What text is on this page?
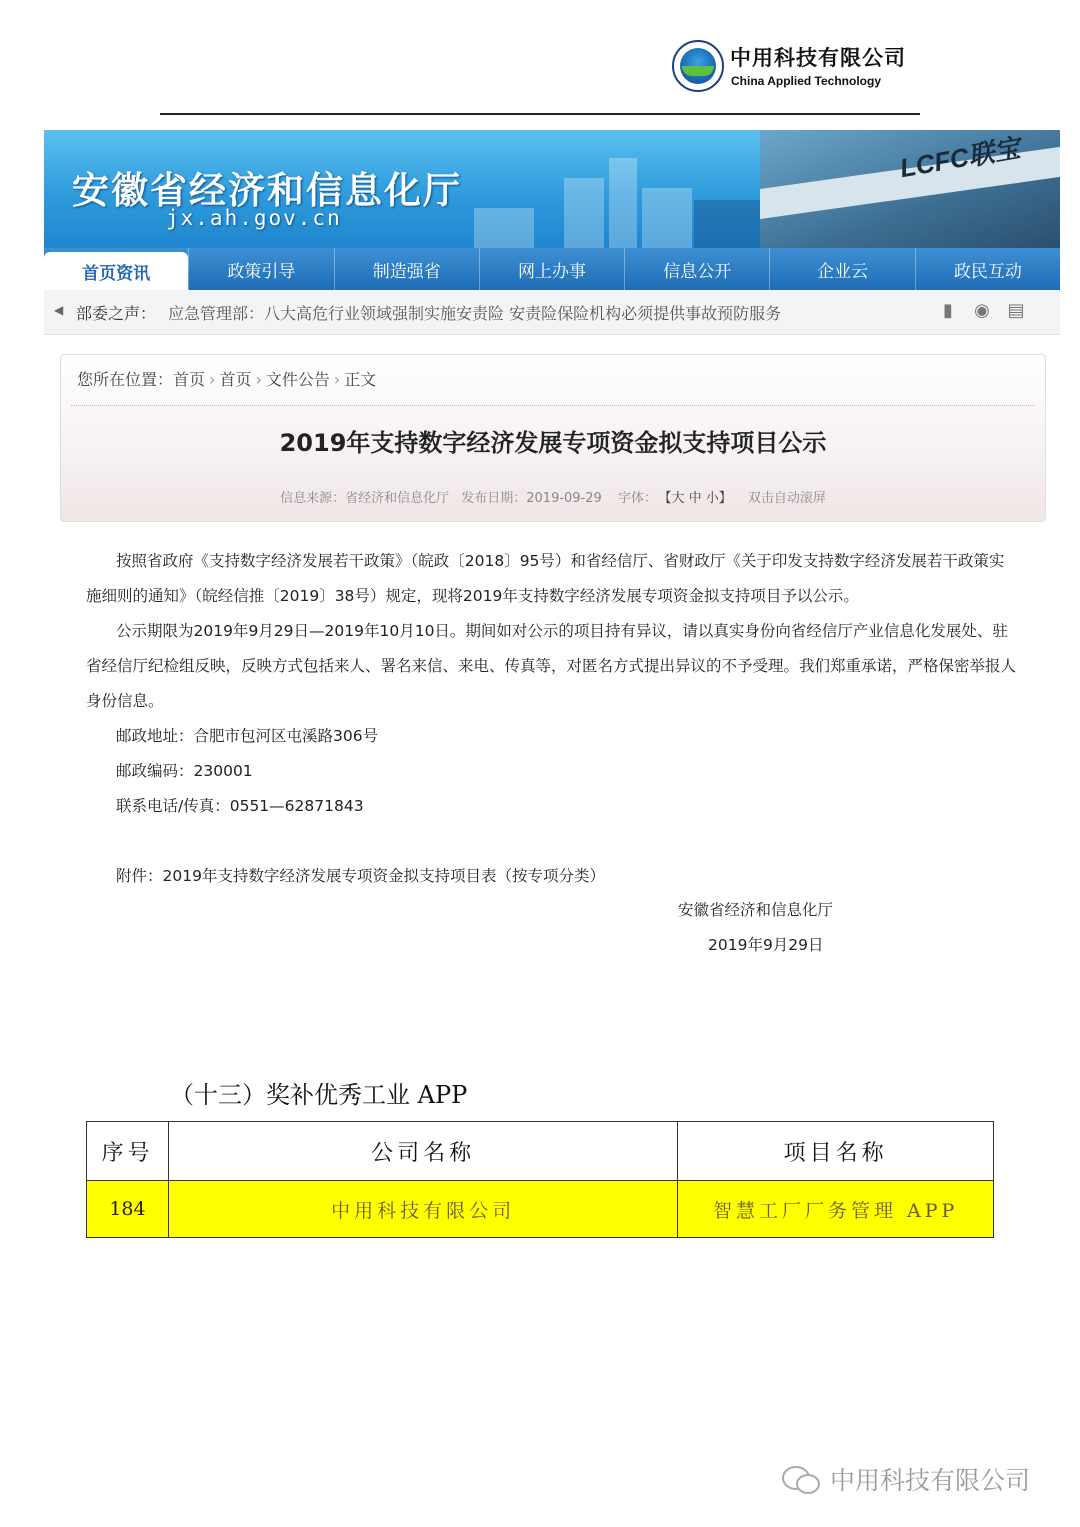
中用科技有限公司
China Applied Technology
LCFC联宝
安徽省经济和信息化厅
jx.ah.gov.cn
首页资讯	政策引导	制造强省	网上办事	信息公开	企业云	政民互动
◀ 部委之声： 应急管理部：八大高危行业领域强制实施安责险 安责险保险机构必须提供事故预防服务	▮	◉ ▤
您所在位置：首页 › 首页 › 文件公告 › 正文
2019年支持数字经济发展专项资金拟支持项目公示
信息来源：省经济和信息化厅 发布日期：2019-09-29 字体： 【大 中 小】 双击自动滚屏

按照省政府《支持数字经济发展若干政策》（皖政〔2018〕95号）和省经信厅、省财政厅《关于印发支持数字经济发展若干政策实施细则的通知》（皖经信推〔2019〕38号）规定，现将2019年支持数字经济发展专项资金拟支持项目予以公示。

公示期限为2019年9月29日—2019年10月10日。期间如对公示的项目持有异议，请以真实身份向省经信厅产业信息化发展处、驻省经信厅纪检组反映，反映方式包括来人、署名来信、来电、传真等，对匿名方式提出异议的不予受理。我们郑重承诺，严格保密举报人身份信息。

邮政地址：合肥市包河区屯溪路306号

邮政编码：230001

联系电话/传真：0551—62871843

附件：2019年支持数字经济发展专项资金拟支持项目表（按专项分类）

安徽省经济和信息化厅
2019年9月29日
（十三）奖补优秀工业 APP
序号	公司名称	项目名称
184	中用科技有限公司	智慧工厂厂务管理 APP
中用科技有限公司
